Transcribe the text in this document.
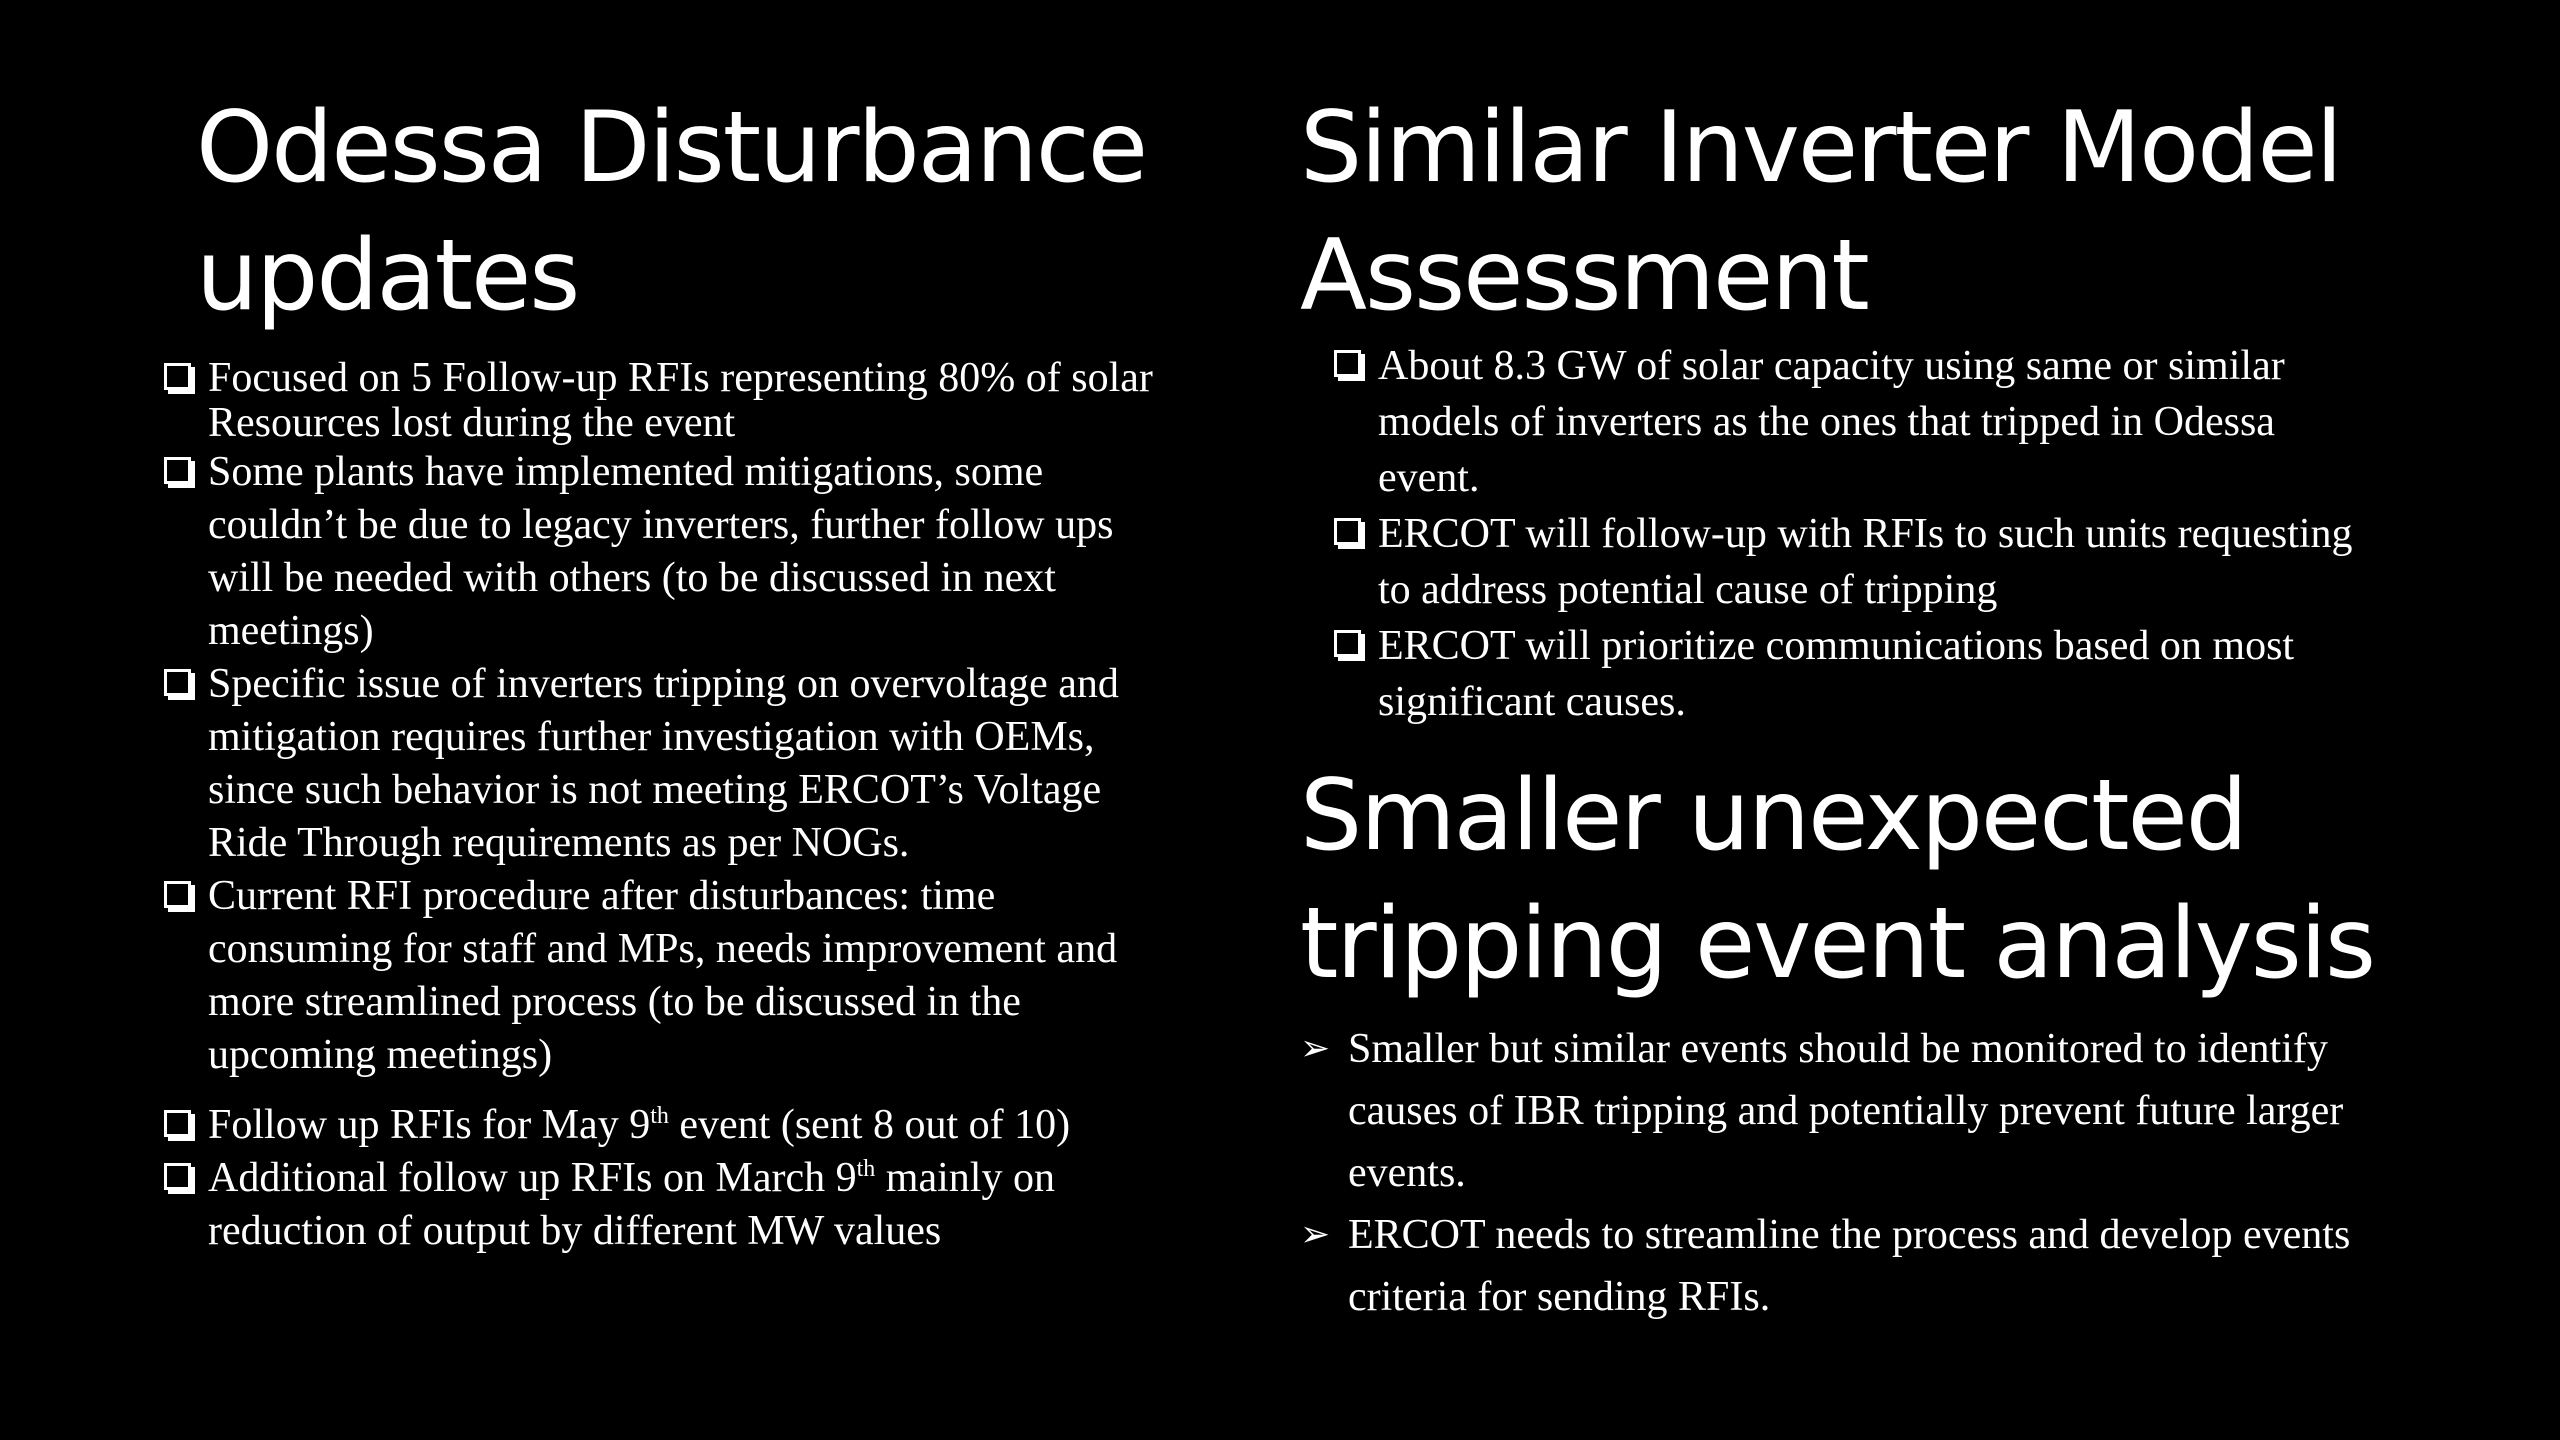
Odessa Disturbance
updates
Focused on 5 Follow-up RFIs representing 80% of solar
Resources lost during the event
Some plants have implemented mitigations, some
couldn’t be due to legacy inverters, further follow ups
will be needed with others (to be discussed in next
meetings)
Specific issue of inverters tripping on overvoltage and
mitigation requires further investigation with OEMs,
since such behavior is not meeting ERCOT’s Voltage
Ride Through requirements as per NOGs.
Current RFI procedure after disturbances: time
consuming for staff and MPs, needs improvement and
more streamlined process (to be discussed in the
upcoming meetings)
Follow up RFIs for May 9th event (sent 8 out of 10)
Additional follow up RFIs on March 9th mainly on
reduction of output by different MW values
Similar Inverter Model
Assessment
About 8.3 GW of solar capacity using same or similar
models of inverters as the ones that tripped in Odessa
event.
ERCOT will follow-up with RFIs to such units requesting
to address potential cause of tripping
ERCOT will prioritize communications based on most
significant causes.
Smaller unexpected
tripping event analysis
➢ Smaller but similar events should be monitored to identify
causes of IBR tripping and potentially prevent future larger
events.
➢ ERCOT needs to streamline the process and develop events
criteria for sending RFIs.
